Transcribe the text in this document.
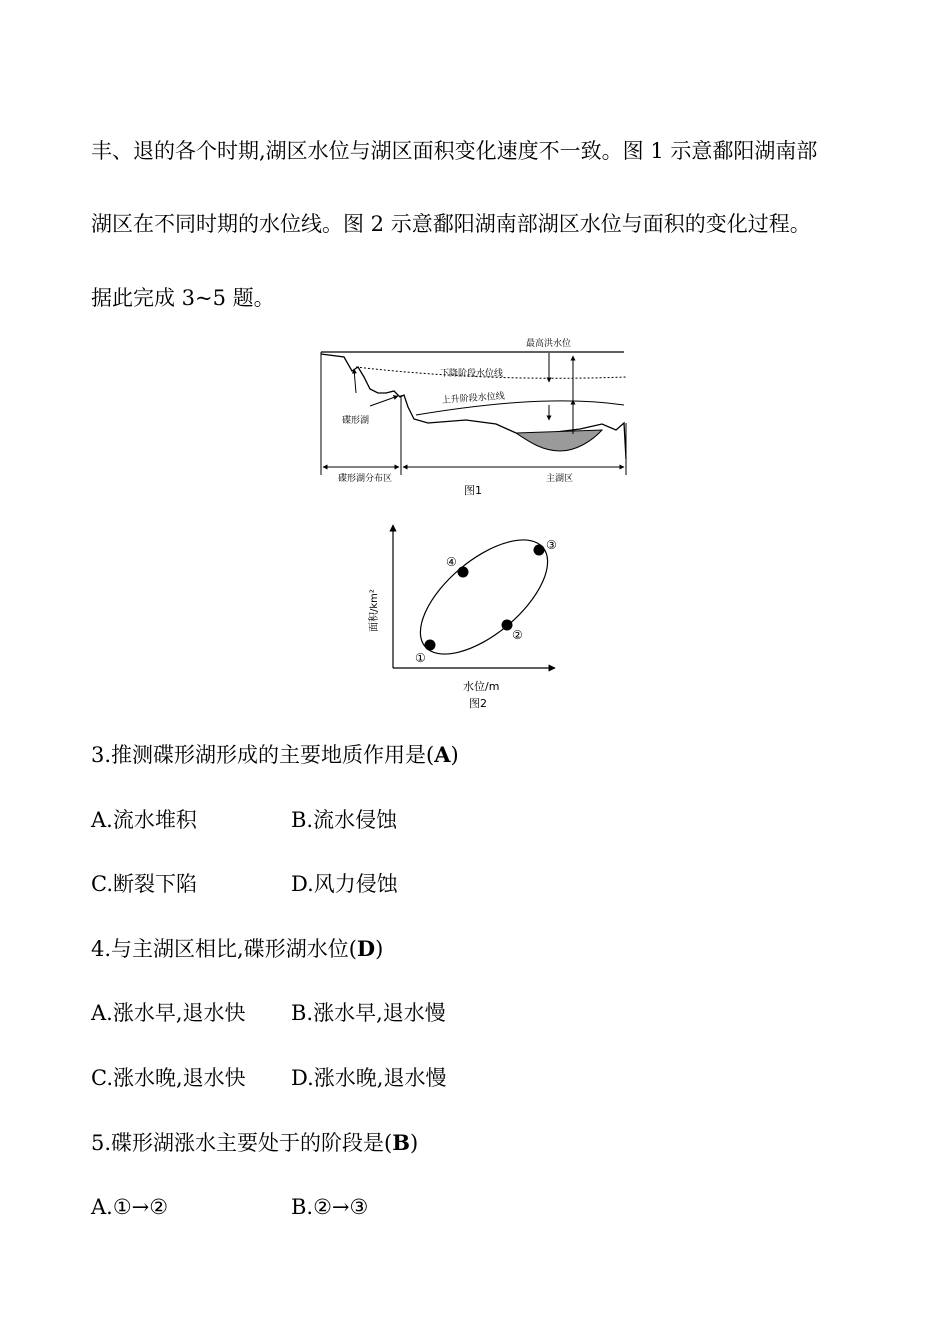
丰、退的各个时期,湖区水位与湖区面积变化速度不一致。图 1 示意鄱阳湖南部
湖区在不同时期的水位线。图 2 示意鄱阳湖南部湖区水位与面积的变化过程。
据此完成 3~5 题。
最高洪水位
下降阶段水位线
上升阶段水位线
碟形湖
碟形湖分布区	主湖区
图1
①
②
③
④
面积/km²
水位/m
图2
3.推测碟形湖形成的主要地质作用是(A)
A.流水堆积	B.流水侵蚀
C.断裂下陷	D.风力侵蚀
4.与主湖区相比,碟形湖水位(D)
A.涨水早,退水快 B.涨水早,退水慢
C.涨水晚,退水快 D.涨水晚,退水慢
5.碟形湖涨水主要处于的阶段是(B)
A.①→②	B.②→③
